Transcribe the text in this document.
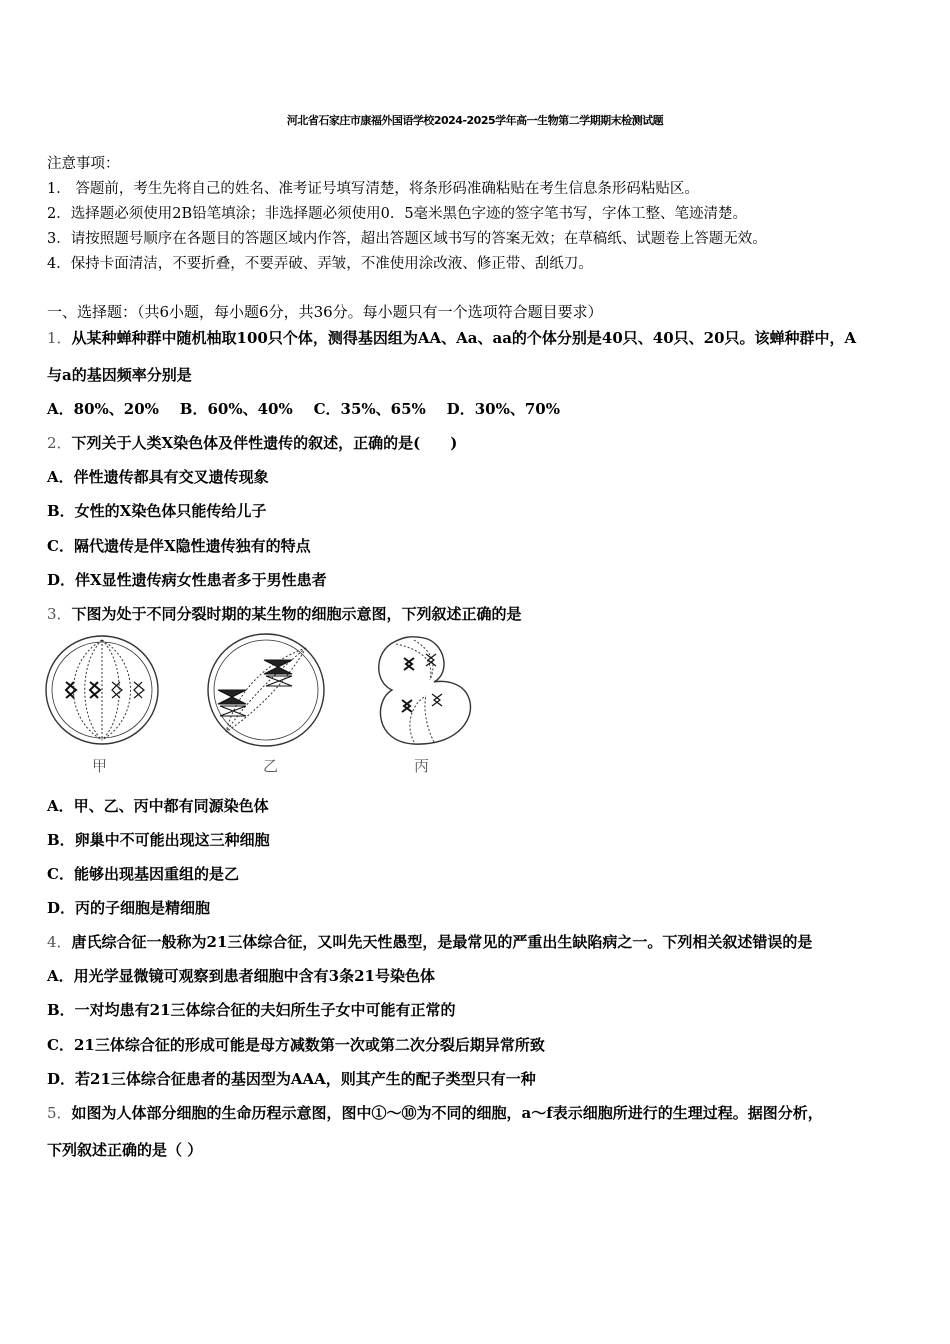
河北省石家庄市康福外国语学校2024-2025学年高一生物第二学期期末检测试题
注意事项：
1． 答题前，考生先将自己的姓名、准考证号填写清楚，将条形码准确粘贴在考生信息条形码粘贴区。
2．选择题必须使用2B铅笔填涂；非选择题必须使用0．5毫米黑色字迹的签字笔书写，字体工整、笔迹清楚。
3．请按照题号顺序在各题目的答题区域内作答，超出答题区域书写的答案无效；在草稿纸、试题卷上答题无效。
4．保持卡面清洁，不要折叠，不要弄破、弄皱，不准使用涂改液、修正带、刮纸刀。
一、选择题：（共6小题，每小题6分，共36分。每小题只有一个选项符合题目要求）
1．从某种蝉种群中随机柚取100只个体，测得基因组为AA、Aa、aa的个体分别是40只、40只、20只。该蝉种群中，A
与a的基因频率分别是
A．80%、20%    B．60%、40%    C．35%、65%    D．30%、70%
2．下列关于人类X染色体及伴性遗传的叙述，正确的是(　　)
A．伴性遗传都具有交叉遗传现象
B．女性的X染色体只能传给儿子
C．隔代遗传是伴X隐性遗传独有的特点
D．伴X显性遗传病女性患者多于男性患者
3．下图为处于不同分裂时期的某生物的细胞示意图，下列叙述正确的是
甲	乙	丙
A．甲、乙、丙中都有同源染色体
B．卵巢中不可能出现这三种细胞
C．能够出现基因重组的是乙
D．丙的子细胞是精细胞
4．唐氏综合征一般称为21三体综合征，又叫先天性愚型，是最常见的严重出生缺陷病之一。下列相关叙述错误的是
A．用光学显微镜可观察到患者细胞中含有3条21号染色体
B．一对均患有21三体综合征的夫妇所生子女中可能有正常的
C．21三体综合征的形成可能是母方减数第一次或第二次分裂后期异常所致
D．若21三体综合征患者的基因型为AAA，则其产生的配子类型只有一种
5．如图为人体部分细胞的生命历程示意图，图中①～⑩为不同的细胞，a～f表示细胞所进行的生理过程。据图分析，
下列叙述正确的是（ ）
